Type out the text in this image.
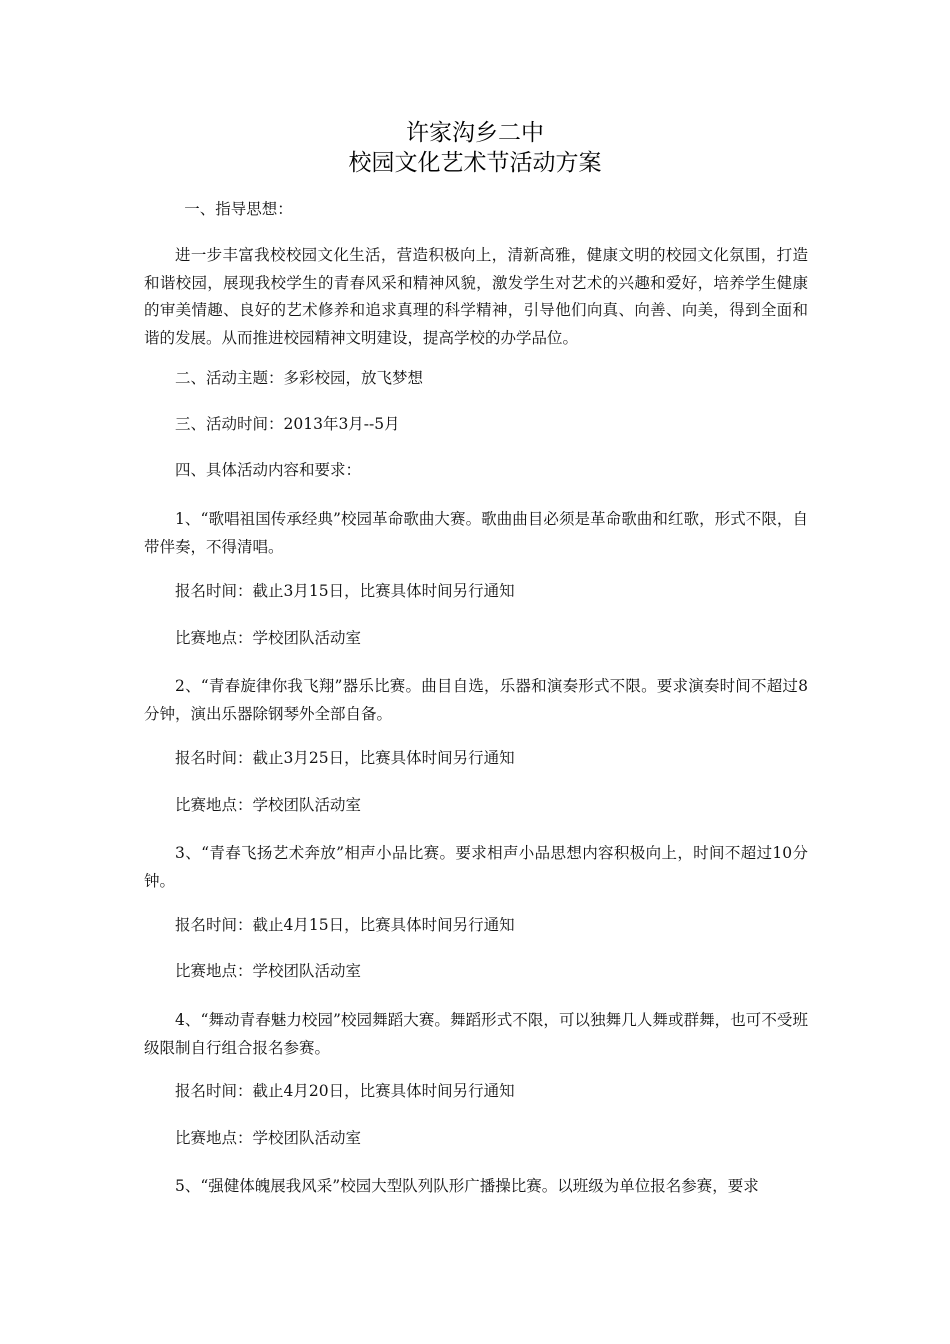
许家沟乡二中
校园文化艺术节活动方案

一、指导思想：

进一步丰富我校校园文化生活，营造积极向上，清新高雅，健康文明的校园文化氛围，打造和谐校园，展现我校学生的青春风采和精神风貌，激发学生对艺术的兴趣和爱好，培养学生健康的审美情趣、良好的艺术修养和追求真理的科学精神，引导他们向真、向善、向美，得到全面和谐的发展。从而推进校园精神文明建设，提高学校的办学品位。

二、活动主题：多彩校园，放飞梦想

三、活动时间：2013年3月--5月

四、具体活动内容和要求：

1、“歌唱祖国传承经典”校园革命歌曲大赛。歌曲曲目必须是革命歌曲和红歌，形式不限，自带伴奏，不得清唱。

报名时间：截止3月15日，比赛具体时间另行通知

比赛地点：学校团队活动室

2、“青春旋律你我飞翔”器乐比赛。曲目自选，乐器和演奏形式不限。要求演奏时间不超过8分钟，演出乐器除钢琴外全部自备。

报名时间：截止3月25日，比赛具体时间另行通知

比赛地点：学校团队活动室

3、“青春飞扬艺术奔放”相声小品比赛。要求相声小品思想内容积极向上，时间不超过10分钟。

报名时间：截止4月15日，比赛具体时间另行通知

比赛地点：学校团队活动室

4、“舞动青春魅力校园”校园舞蹈大赛。舞蹈形式不限，可以独舞几人舞或群舞，也可不受班级限制自行组合报名参赛。

报名时间：截止4月20日，比赛具体时间另行通知

比赛地点：学校团队活动室

5、“强健体魄展我风采”校园大型队列队形广播操比赛。以班级为单位报名参赛，要求
